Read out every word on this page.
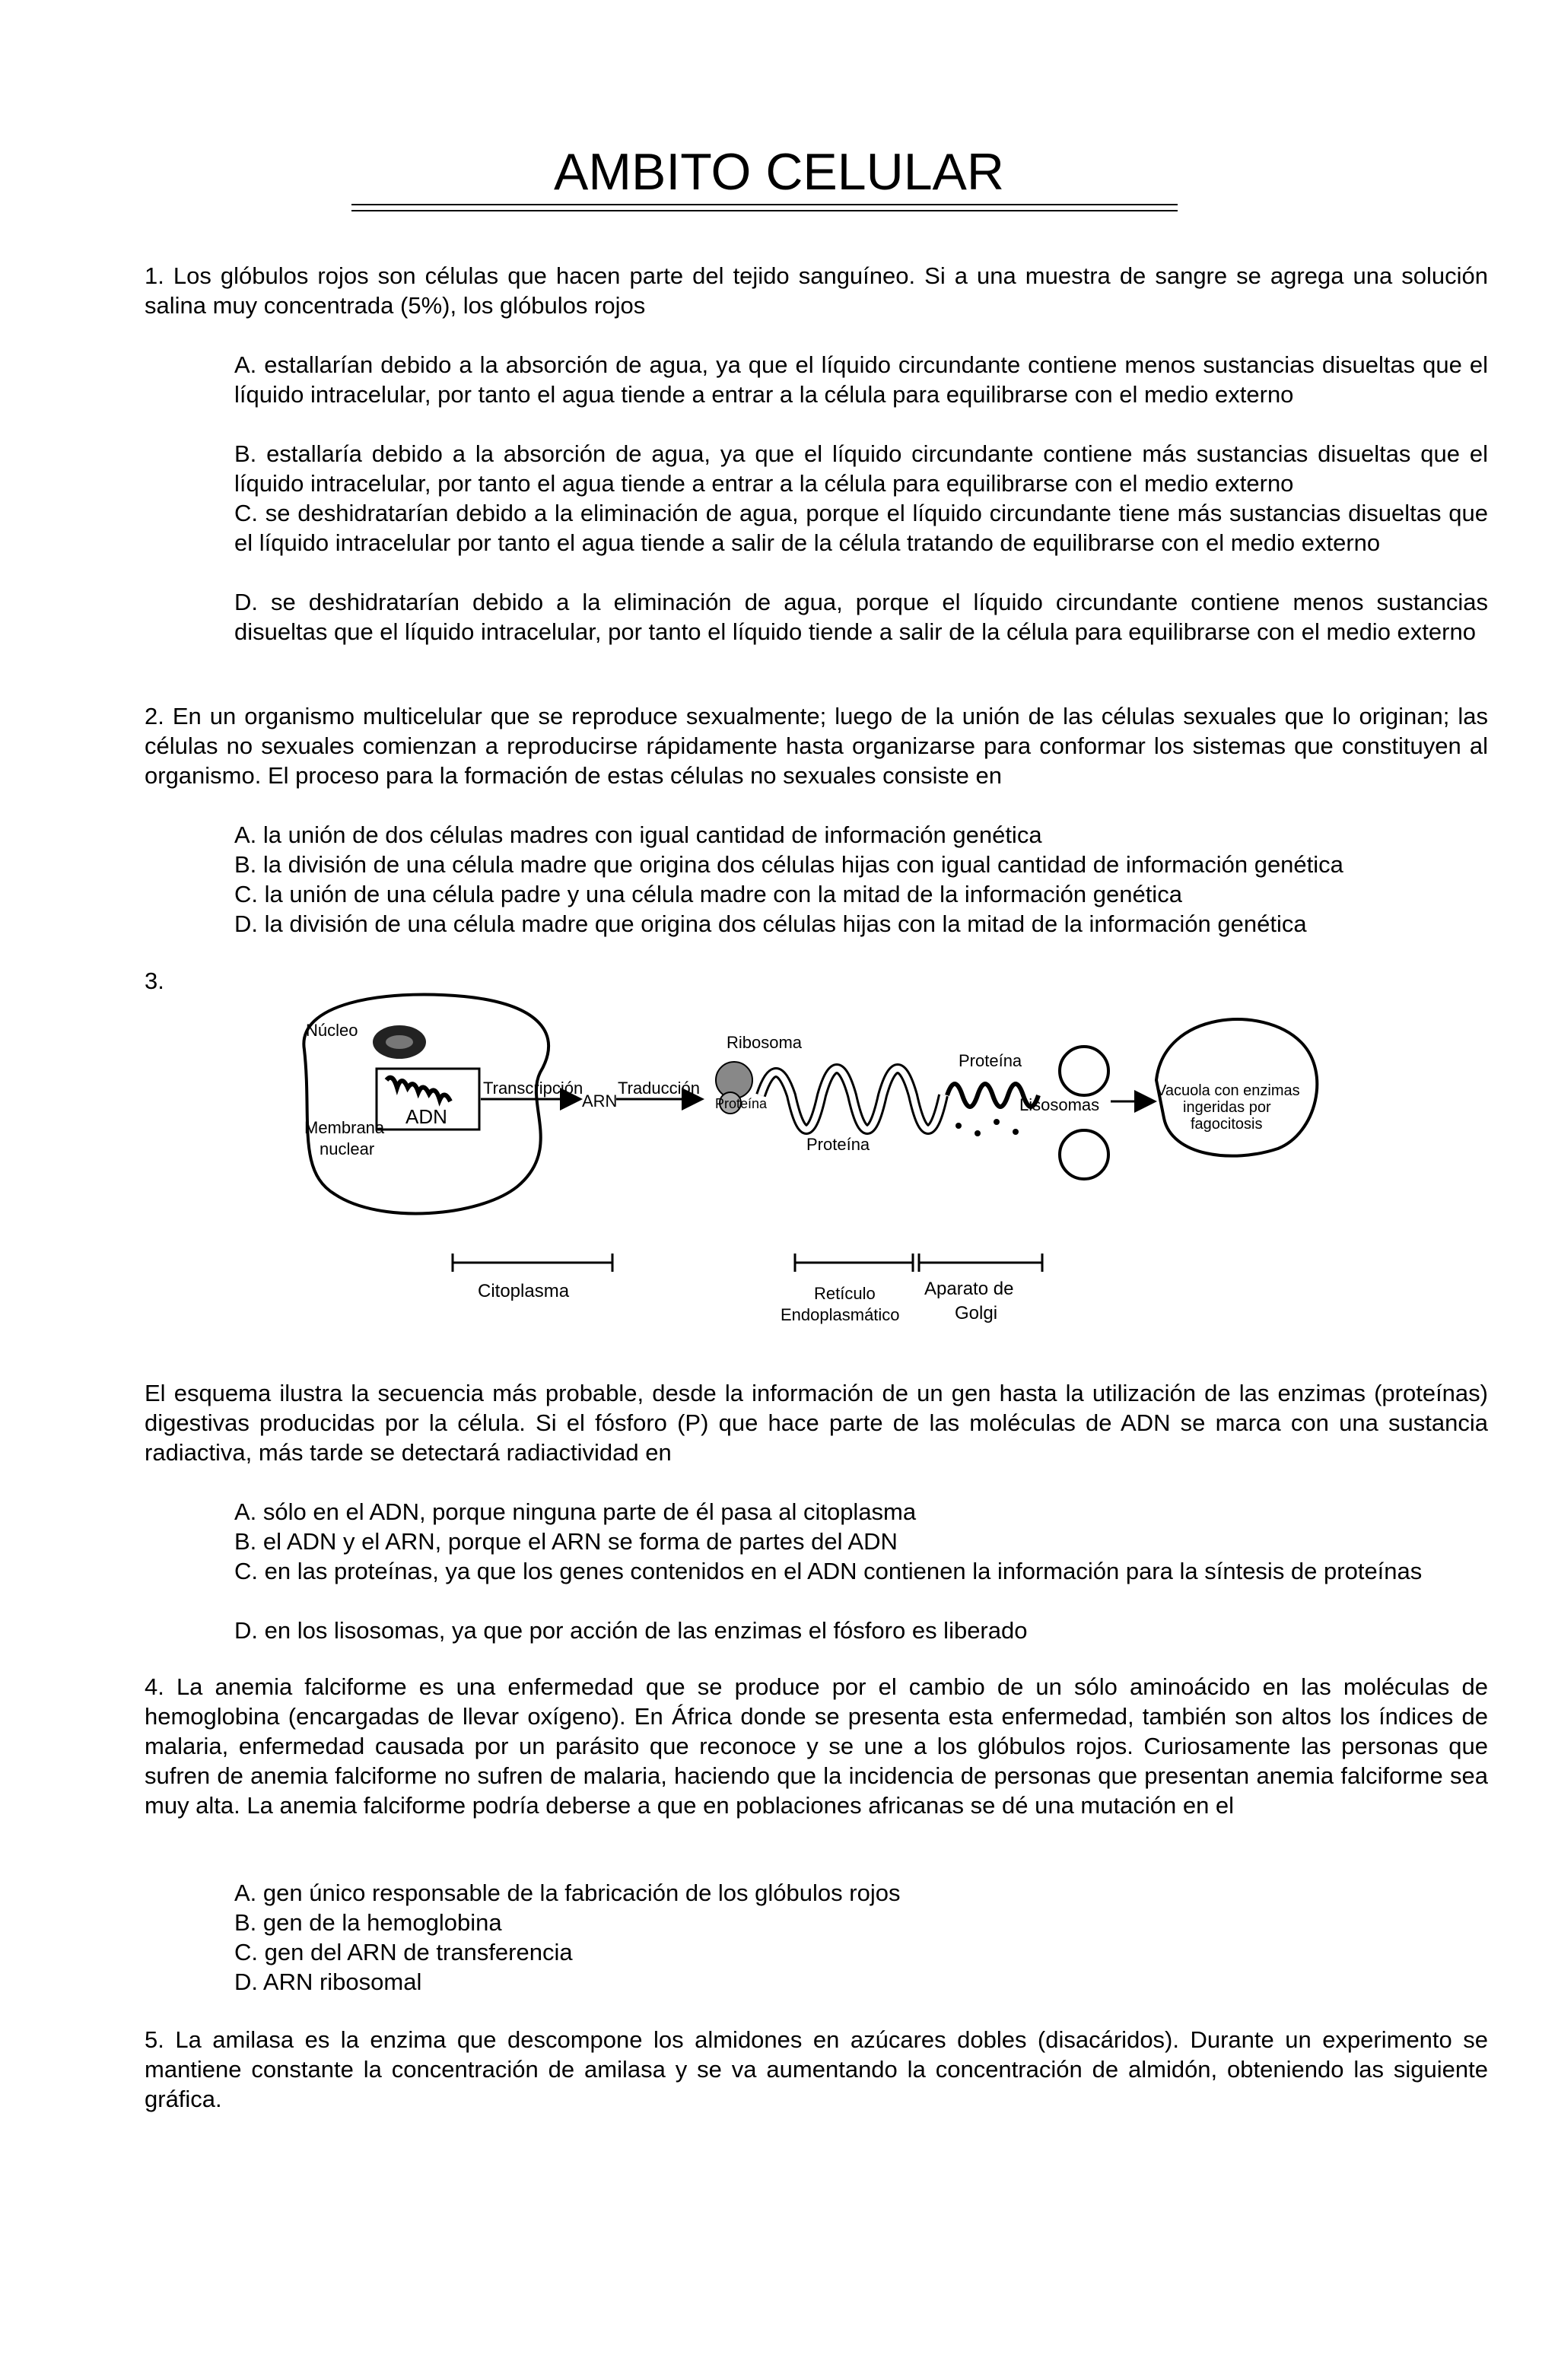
AMBITO CELULAR
1. Los glóbulos rojos son células que hacen parte del tejido sanguíneo. Si a una muestra de sangre se agrega una solución salina muy concentrada (5%), los glóbulos rojos
A. estallarían debido a la absorción de agua, ya que el líquido circundante contiene menos sustancias disueltas que el líquido intracelular, por tanto el agua tiende a entrar a la célula para equilibrarse con el medio externo
B. estallaría debido a la absorción de agua, ya que el líquido circundante contiene más sustancias disueltas que el líquido intracelular, por tanto el agua tiende a entrar a la célula para equilibrarse con el medio externo
C. se deshidratarían debido a la eliminación de agua, porque el líquido circundante tiene más sustancias disueltas que el líquido intracelular por tanto el agua tiende a salir de la célula tratando de equilibrarse con el medio externo
D. se deshidratarían debido a la eliminación de agua, porque el líquido circundante contiene menos sustancias disueltas que el líquido intracelular, por tanto el líquido tiende a salir de la célula para equilibrarse con el medio externo
2. En un organismo multicelular que se reproduce sexualmente; luego de la unión de las células sexuales que lo originan; las células no sexuales comienzan a reproducirse rápidamente hasta organizarse para conformar los sistemas que constituyen al organismo. El proceso para la formación de estas células no sexuales consiste en
A. la unión de dos células madres con igual cantidad de información genética
B. la división de una célula madre que origina dos células hijas con igual cantidad de información genética
C. la unión de una célula padre y una célula madre con la mitad de la información genética
D. la división de una célula madre que origina dos células hijas con la mitad de la información genética
3.
Núcleo
ADN
Membrana
nuclear
Transcripción
ARN
Traducción
Ribosoma
Proteína
Proteína
Proteína
Lisosomas
Vacuola con enzimas
ingeridas por
fagocitosis
Citoplasma	Retículo
Endoplasmático
Aparato de
Golgi
El esquema ilustra la secuencia más probable, desde la información de un gen hasta la utilización de las enzimas (proteínas) digestivas producidas por la célula. Si el fósforo (P) que hace parte de las moléculas de ADN se marca con una sustancia radiactiva, más tarde se detectará radiactividad en
A. sólo en el ADN, porque ninguna parte de él pasa al citoplasma
B. el ADN y el ARN, porque el ARN se forma de partes del ADN
C. en las proteínas, ya que los genes contenidos en el ADN contienen la información para la síntesis de proteínas
D. en los lisosomas, ya que por acción de las enzimas el fósforo es liberado
4. La anemia falciforme es una enfermedad que se produce por el cambio de un sólo aminoácido en las moléculas de hemoglobina (encargadas de llevar oxígeno). En África donde se presenta esta enfermedad, también son altos los índices de malaria, enfermedad causada por un parásito que reconoce y se une a los glóbulos rojos. Curiosamente las personas que sufren de anemia falciforme no sufren de malaria, haciendo que la incidencia de personas que presentan anemia falciforme sea muy alta. La anemia falciforme podría deberse a que en poblaciones africanas se dé una mutación en el
A. gen único responsable de la fabricación de los glóbulos rojos
B. gen de la hemoglobina
C. gen del ARN de transferencia
D. ARN ribosomal
5. La amilasa es la enzima que descompone los almidones en azúcares dobles (disacáridos). Durante un experimento se mantiene constante la concentración de amilasa y se va aumentando la concentración de almidón, obteniendo las siguiente gráfica.
